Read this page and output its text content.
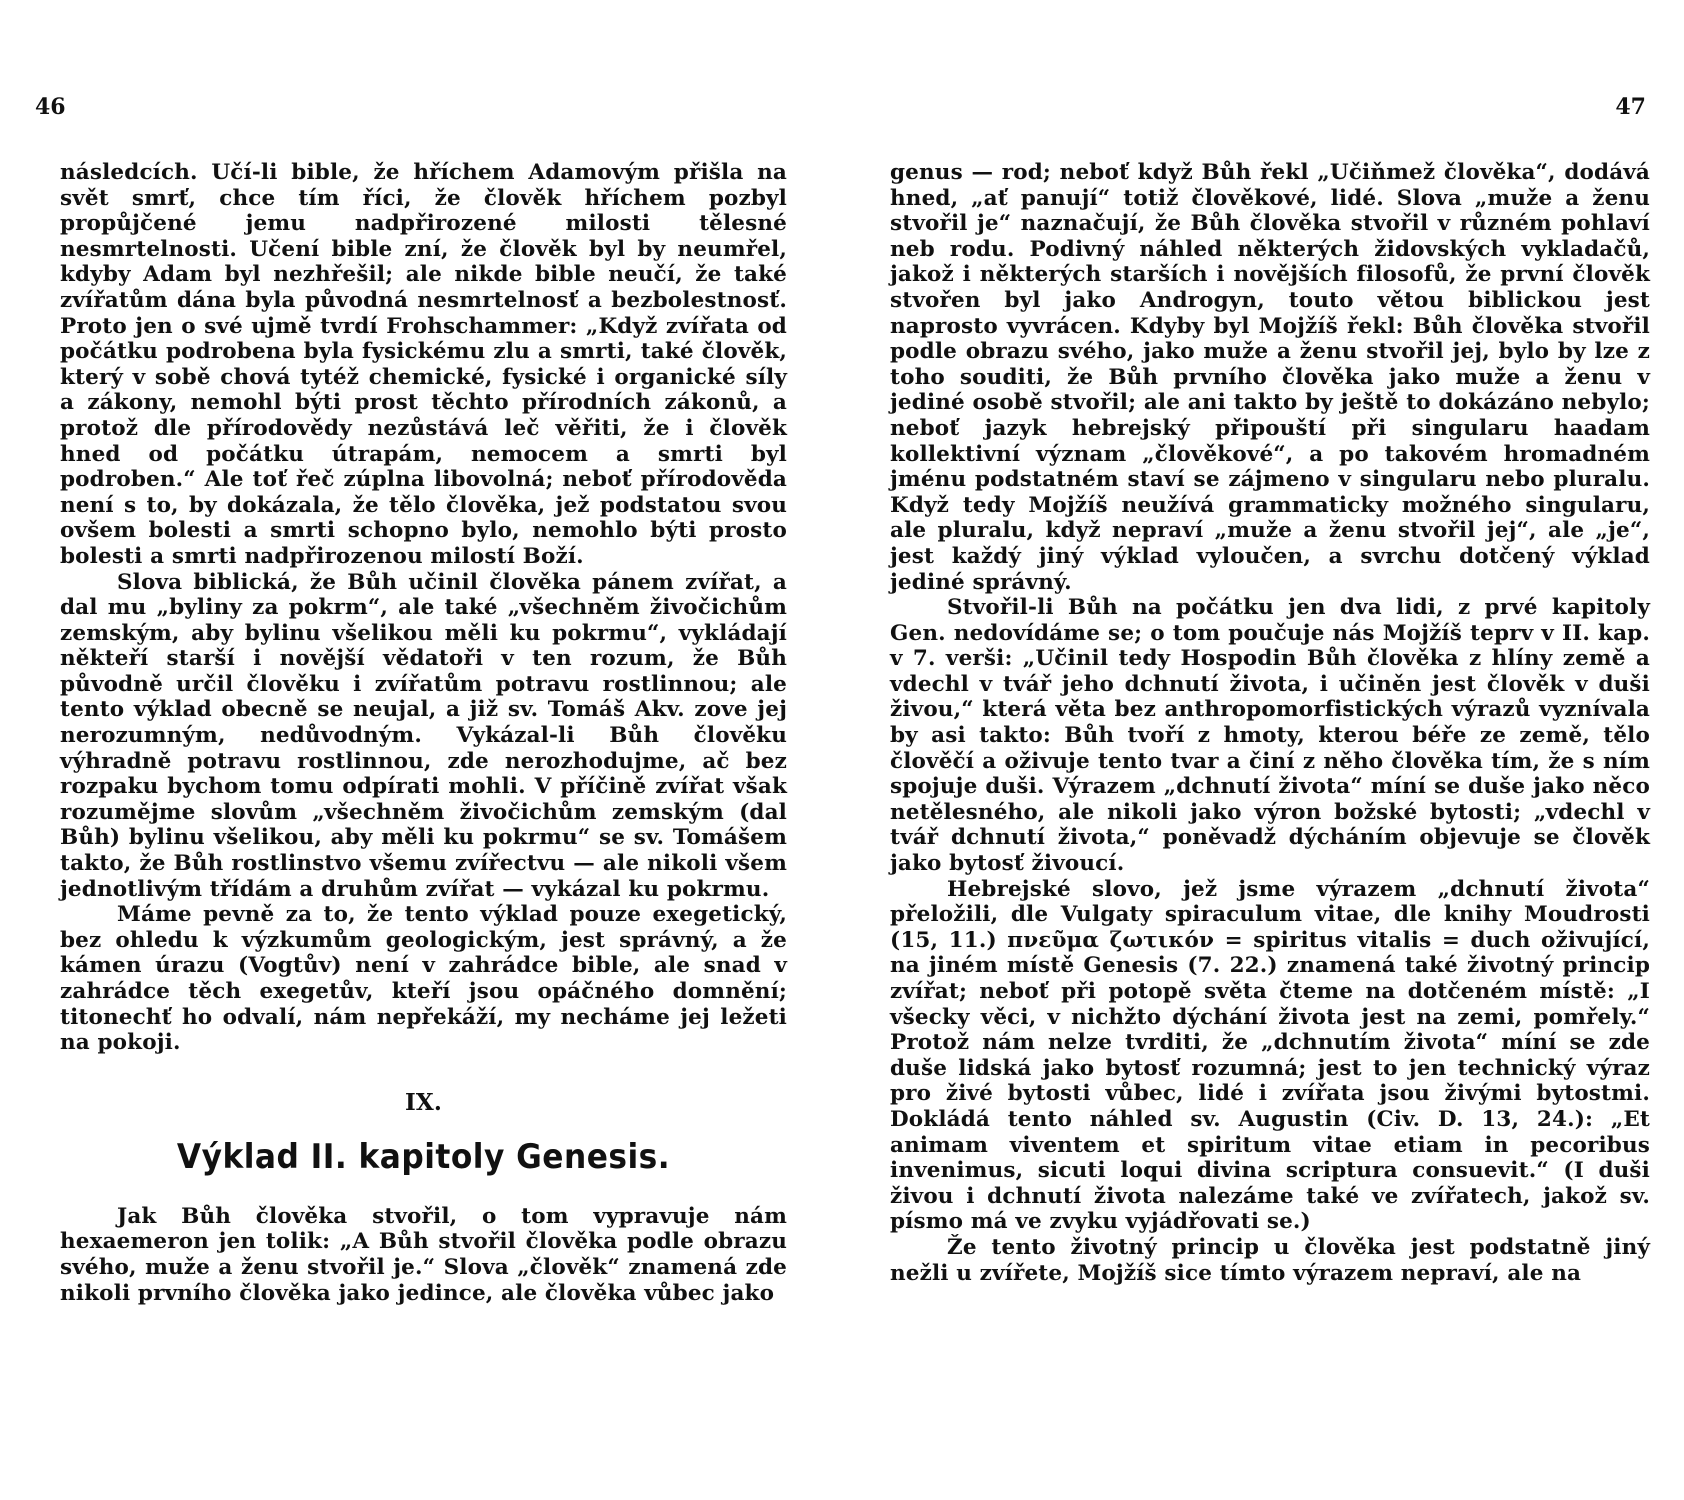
46

následcích. Učí-li bible, že hříchem Adamovým přišla na svět smrť, chce tím říci, že člověk hříchem pozbyl propůjčené jemu nadpřirozené milosti tělesné nesmrtelnosti. Učení bible zní, že člověk byl by neumřel, kdyby Adam byl nezhřešil; ale nikde bible neučí, že také zvířatům dána byla původná nesmrtelnosť a bezbolestnosť. Proto jen o své ujmě tvrdí Frohschammer: „Když zvířata od počátku podrobena byla fysickému zlu a smrti, také člověk, který v sobě chová tytéž chemické, fysické i organické síly a zákony, nemohl býti prost těchto přírodních zákonů, a protož dle přírodovědy nezůstává leč věřiti, že i člověk hned od počátku útrapám, nemocem a smrti byl podroben.“ Ale toť řeč zúplna libovolná; neboť přírodověda není s to, by dokázala, že tělo člověka, jež podstatou svou ovšem bolesti a smrti schopno bylo, nemohlo býti prosto bolesti a smrti nadpřirozenou milostí Boží.

Slova biblická, že Bůh učinil člověka pánem zvířat, a dal mu „byliny za pokrm“, ale také „všechněm živočichům zemským, aby bylinu všelikou měli ku pokrmu“, vykládají někteří starší i novější vědatoři v ten rozum, že Bůh původně určil člověku i zvířatům potravu rostlinnou; ale tento výklad obecně se neujal, a již sv. Tomáš Akv. zove jej nerozumným, nedůvodným. Vykázal-li Bůh člověku výhradně potravu rostlinnou, zde nerozhodujme, ač bez rozpaku bychom tomu odpírati mohli. V příčině zvířat však rozumějme slovům „všechněm živočichům zemským (dal Bůh) bylinu všelikou, aby měli ku pokrmu“ se sv. Tomášem takto, že Bůh rostlinstvo všemu zvířectvu — ale nikoli všem jednotlivým třídám a druhům zvířat — vykázal ku pokrmu.

Máme pevně za to, že tento výklad pouze exegetický, bez ohledu k výzkumům geologickým, jest správný, a že kámen úrazu (Vogtův) není v zahrádce bible, ale snad v zahrádce těch exegetův, kteří jsou opáčného domnění; titonechť ho odvalí, nám nepřekáží, my necháme jej ležeti na pokoji.

IX.
Výklad II. kapitoly Genesis.

Jak Bůh člověka stvořil, o tom vypravuje nám hexaemeron jen tolik: „A Bůh stvořil člověka podle obrazu svého, muže a ženu stvořil je.“ Slova „člověk“ znamená zde nikoli prvního člověka jako jedince, ale člověka vůbec jako

47

genus — rod; neboť když Bůh řekl „Učiňmež člověka“, dodává hned, „ať panují“ totiž člověkové, lidé. Slova „muže a ženu stvořil je“ naznačují, že Bůh člověka stvořil v různém pohlaví neb rodu. Podivný náhled některých židovských vykladačů, jakož i některých starších i novějších filosofů, že první člověk stvořen byl jako Androgyn, touto větou biblickou jest naprosto vyvrácen. Kdyby byl Mojžíš řekl: Bůh člověka stvořil podle obrazu svého, jako muže a ženu stvořil jej, bylo by lze z toho souditi, že Bůh prvního člověka jako muže a ženu v jediné osobě stvořil; ale ani takto by ještě to dokázáno nebylo; neboť jazyk hebrejský připouští při singularu haadam kollektivní význam „člověkové“, a po takovém hromadném jménu podstatném staví se zájmeno v singularu nebo pluralu. Když tedy Mojžíš neužívá grammaticky možného singularu, ale pluralu, když nepraví „muže a ženu stvořil jej“, ale „je“, jest každý jiný výklad vyloučen, a svrchu dotčený výklad jediné správný.

Stvořil-li Bůh na počátku jen dva lidi, z prvé kapitoly Gen. nedovídáme se; o tom poučuje nás Mojžíš teprv v II. kap. v 7. verši: „Učinil tedy Hospodin Bůh člověka z hlíny země a vdechl v tvář jeho dchnutí života, i učiněn jest člověk v duši živou,“ která věta bez anthropomorfistických výrazů vyznívala by asi takto: Bůh tvoří z hmoty, kterou béře ze země, tělo člověčí a oživuje tento tvar a činí z něho člověka tím, že s ním spojuje duši. Výrazem „dchnutí života“ míní se duše jako něco netělesného, ale nikoli jako výron božské bytosti; „vdechl v tvář dchnutí života,“ poněvadž dýcháním objevuje se člověk jako bytosť živoucí.

Hebrejské slovo, jež jsme výrazem „dchnutí života“ přeložili, dle Vulgaty spiraculum vitae, dle knihy Moudrosti (15, 11.) πνεῦμα ζωτικόν = spiritus vitalis = duch oživující, na jiném místě Genesis (7. 22.) znamená také životný princip zvířat; neboť při potopě světa čteme na dotčeném místě: „I všecky věci, v nichžto dýchání života jest na zemi, pomřely.“ Protož nám nelze tvrditi, že „dchnutím života“ míní se zde duše lidská jako bytosť rozumná; jest to jen technický výraz pro živé bytosti vůbec, lidé i zvířata jsou živými bytostmi. Dokládá tento náhled sv. Augustin (Civ. D. 13, 24.): „Et animam viventem et spiritum vitae etiam in pecoribus invenimus, sicuti loqui divina scriptura consuevit.“ (I duši živou i dchnutí života nalezáme také ve zvířatech, jakož sv. písmo má ve zvyku vyjádřovati se.)

Že tento životný princip u člověka jest podstatně jiný nežli u zvířete, Mojžíš sice tímto výrazem nepraví, ale na
